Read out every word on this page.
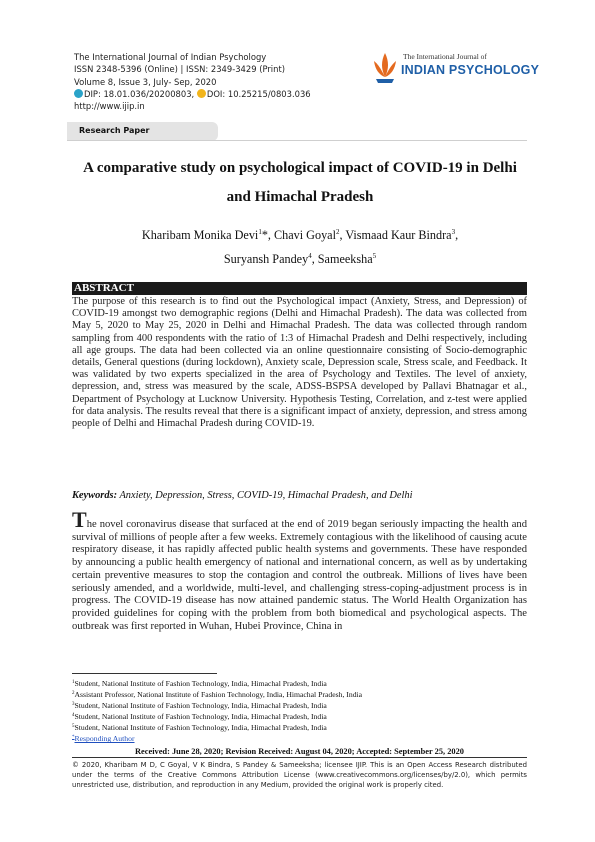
The International Journal of Indian Psychology
ISSN 2348-5396 (Online) | ISSN: 2349-3429 (Print)
Volume 8, Issue 3, July- Sep, 2020
DIP: 18.01.036/20200803, DOI: 10.25215/0803.036
http://www.ijip.in
The International Journal of
INDIAN PSYCHOLOGY
Research Paper
A comparative study on psychological impact of COVID-19 in Delhi and Himachal Pradesh
Kharibam Monika Devi$^1$*, Chavi Goyal$^2$, Vismaad Kaur Bindra$^3$,
Suryansh Pandey$^4$, Sameeksha$^5$
ABSTRACT
The purpose of this research is to find out the Psychological impact (Anxiety, Stress, and Depression) of COVID-19 amongst two demographic regions (Delhi and Himachal Pradesh). The data was collected from May 5, 2020 to May 25, 2020 in Delhi and Himachal Pradesh. The data was collected through random sampling from 400 respondents with the ratio of 1:3 of Himachal Pradesh and Delhi respectively, including all age groups. The data had been collected via an online questionnaire consisting of Socio-demographic details, General questions (during lockdown), Anxiety scale, Depression scale, Stress scale, and Feedback. It was validated by two experts specialized in the area of Psychology and Textiles. The level of anxiety, depression, and, stress was measured by the scale, ADSS-BSPSA developed by Pallavi Bhatnagar et al., Department of Psychology at Lucknow University. Hypothesis Testing, Correlation, and z-test were applied for data analysis. The results reveal that there is a significant impact of anxiety, depression, and stress among people of Delhi and Himachal Pradesh during COVID-19.
Keywords: Anxiety, Depression, Stress, COVID-19, Himachal Pradesh, and Delhi
The novel coronavirus disease that surfaced at the end of 2019 began seriously impacting the health and survival of millions of people after a few weeks. Extremely contagious with the likelihood of causing acute respiratory disease, it has rapidly affected public health systems and governments. These have responded by announcing a public health emergency of national and international concern, as well as by undertaking certain preventive measures to stop the contagion and control the outbreak. Millions of lives have been seriously amended, and a worldwide, multi-level, and challenging stress-coping-adjustment process is in progress. The COVID-19 disease has now attained pandemic status. The World Health Organization has provided guidelines for coping with the problem from both biomedical and psychological aspects. The outbreak was first reported in Wuhan, Hubei Province, China in
$^1$Student, National Institute of Fashion Technology, India, Himachal Pradesh, India
$^2$Assistant Professor, National Institute of Fashion Technology, India, Himachal Pradesh, India
$^3$Student, National Institute of Fashion Technology, India, Himachal Pradesh, India
$^4$Student, National Institute of Fashion Technology, India, Himachal Pradesh, India
$^5$Student, National Institute of Fashion Technology, India, Himachal Pradesh, India
*Responding Author
Received: June 28, 2020; Revision Received: August 04, 2020; Accepted: September 25, 2020
© 2020, Kharibam M D, C Goyal, V K Bindra, S Pandey & Sameeksha; licensee IJIP. This is an Open Access Research distributed under the terms of the Creative Commons Attribution License (www.creativecommons.org/licenses/by/2.0), which permits unrestricted use, distribution, and reproduction in any Medium, provided the original work is properly cited.
